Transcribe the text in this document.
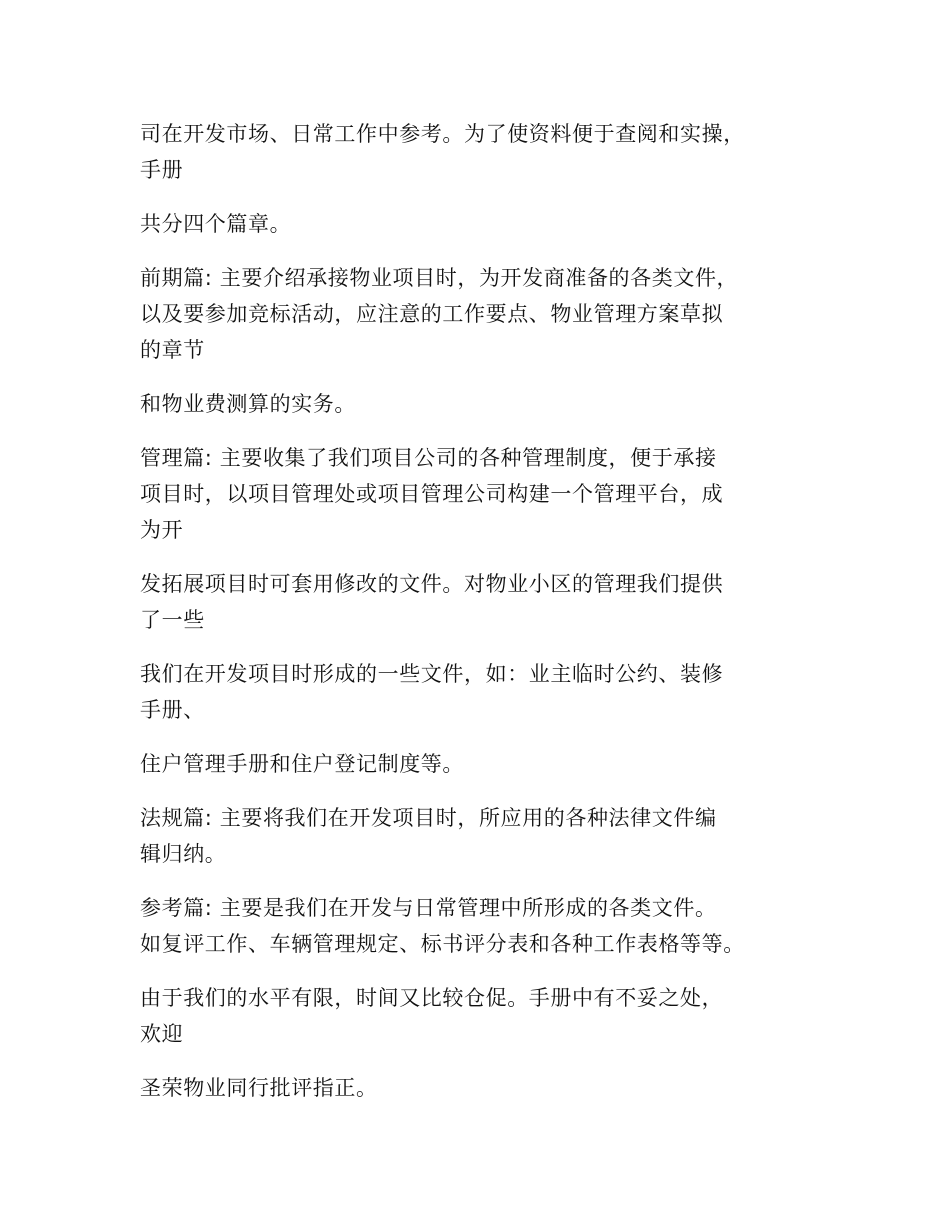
司在开发市场、日常工作中参考。为了使资料便于查阅和实操，
手册

共分四个篇章。

前期篇: 主要介绍承接物业项目时，为开发商准备的各类文件，
以及要参加竞标活动，应注意的工作要点、物业管理方案草拟
的章节

和物业费测算的实务。

管理篇: 主要收集了我们项目公司的各种管理制度，便于承接
项目时，以项目管理处或项目管理公司构建一个管理平台，成
为开

发拓展项目时可套用修改的文件。对物业小区的管理我们提供
了一些

我们在开发项目时形成的一些文件，如：业主临时公约、装修
手册、

住户管理手册和住户登记制度等。

法规篇: 主要将我们在开发项目时，所应用的各种法律文件编
辑归纳。

参考篇: 主要是我们在开发与日常管理中所形成的各类文件。
如复评工作、车辆管理规定、标书评分表和各种工作表格等等。

由于我们的水平有限，时间又比较仓促。手册中有不妥之处，
欢迎

圣荣物业同行批评指正。
